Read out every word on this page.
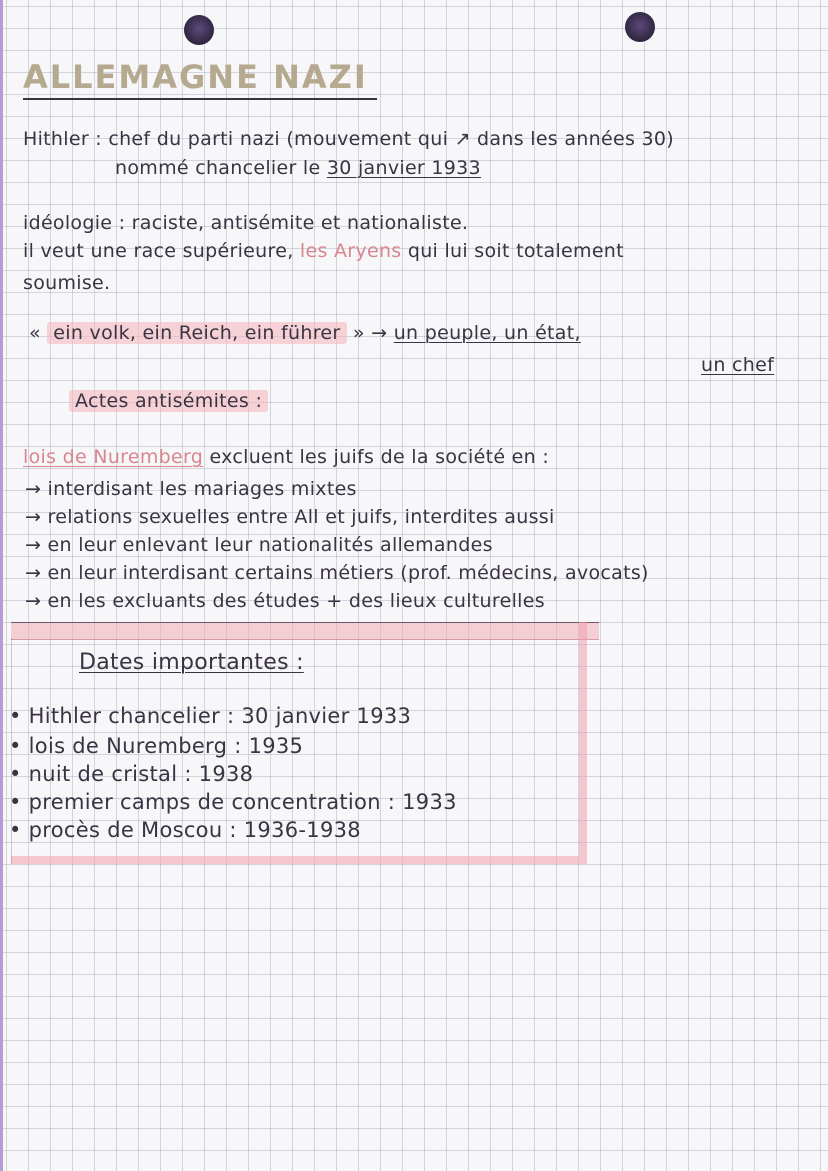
ALLEMAGNE NAZI
Hithler : chef du parti nazi (mouvement qui ↗ dans les années 30)
nommé chancelier le 30 janvier 1933
idéologie : raciste, antisémite et nationaliste.
il veut une race supérieure, les Aryens qui lui soit totalement
soumise.
« ein volk, ein Reich, ein führer » → un peuple, un état,
un chef
Actes antisémites :
lois de Nuremberg excluent les juifs de la société en :
→ interdisant les mariages mixtes
→ relations sexuelles entre All et juifs, interdites aussi
→ en leur enlevant leur nationalités allemandes
→ en leur interdisant certains métiers (prof. médecins, avocats)
→ en les excluants des études + des lieux culturelles
Dates importantes :
• Hithler chancelier : 30 janvier 1933
• lois de Nuremberg : 1935
• nuit de cristal : 1938
• premier camps de concentration : 1933
• procès de Moscou : 1936-1938
